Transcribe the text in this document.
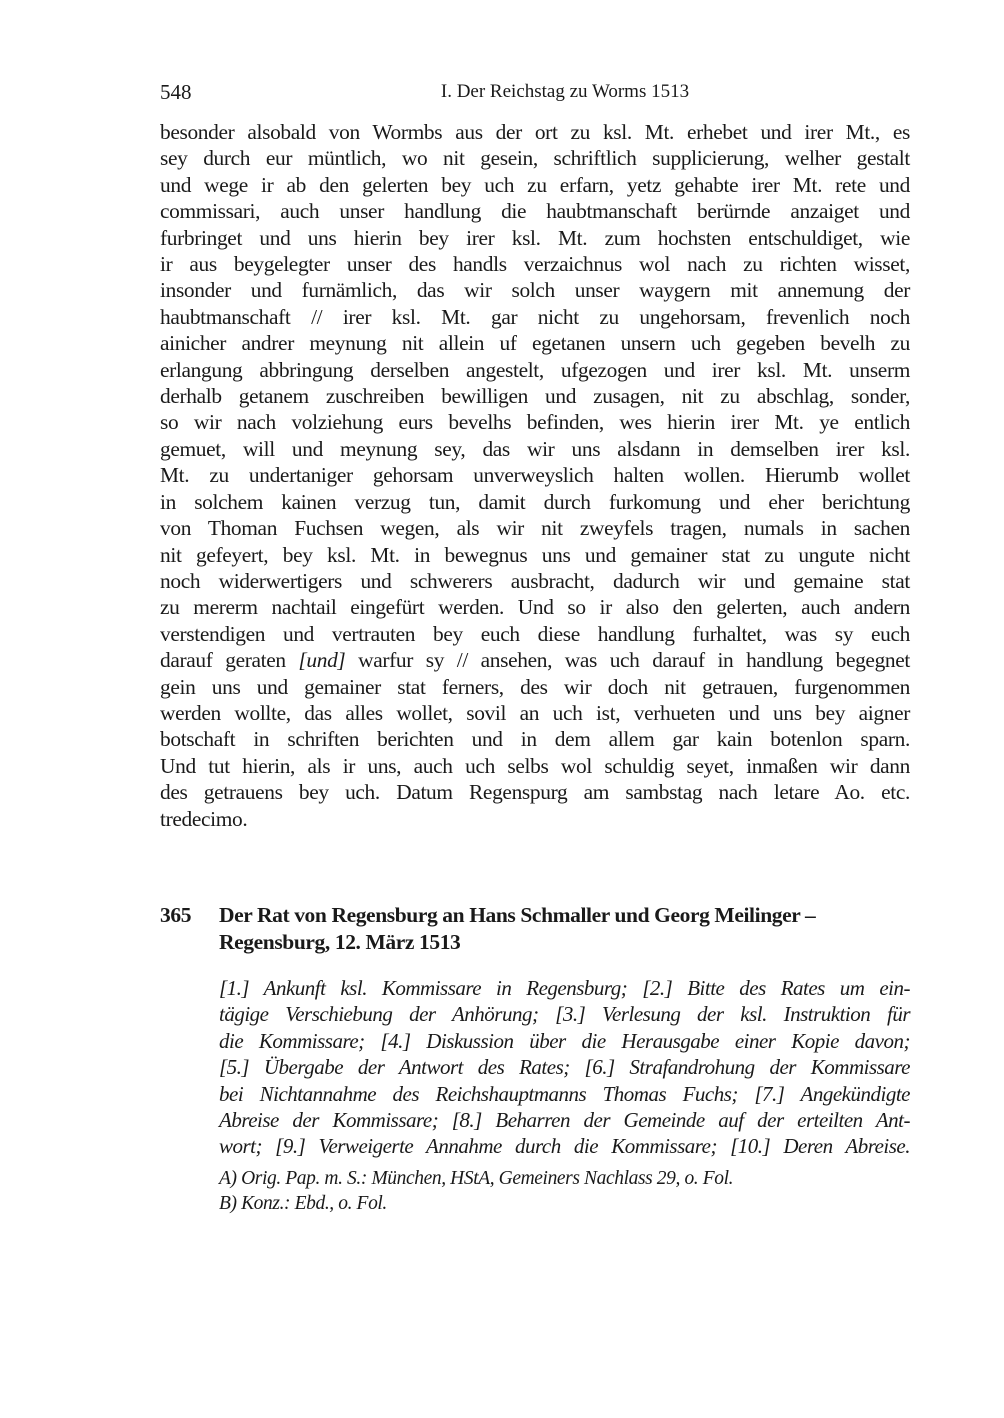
548	I. Der Reichstag zu Worms 1513
besonder alsobald von Wormbs aus der ort zu ksl. Mt. erhebet und irer Mt., es
sey durch eur müntlich, wo nit gesein, schriftlich supplicierung, welher gestalt
und wege ir ab den gelerten bey uch zu erfarn, yetz gehabte irer Mt. rete und
commissari, auch unser handlung die haubtmanschaft berürnde anzaiget und
furbringet und uns hierin bey irer ksl. Mt. zum hochsten entschuldiget, wie
ir aus beygelegter unser des handls verzaichnus wol nach zu richten wisset,
insonder und furnämlich, das wir solch unser waygern mit annemung der
haubtmanschaft // irer ksl. Mt. gar nicht zu ungehorsam, frevenlich noch
ainicher andrer meynung nit allein uf egetanen unsern uch gegeben bevelh zu
erlangung abbringung derselben angestelt, ufgezogen und irer ksl. Mt. unserm
derhalb getanem zuschreiben bewilligen und zusagen, nit zu abschlag, sonder,
so wir nach volziehung eurs bevelhs befinden, wes hierin irer Mt. ye entlich
gemuet, will und meynung sey, das wir uns alsdann in demselben irer ksl.
Mt. zu undertaniger gehorsam unverweyslich halten wollen. Hierumb wollet
in solchem kainen verzug tun, damit durch furkomung und eher berichtung
von Thoman Fuchsen wegen, als wir nit zweyfels tragen, numals in sachen
nit gefeyert, bey ksl. Mt. in bewegnus uns und gemainer stat zu ungute nicht
noch widerwertigers und schwerers ausbracht, dadurch wir und gemaine stat
zu mererm nachtail eingefürt werden. Und so ir also den gelerten, auch andern
verstendigen und vertrauten bey euch diese handlung furhaltet, was sy euch
darauf geraten [und] warfur sy // ansehen, was uch darauf in handlung begegnet
gein uns und gemainer stat ferners, des wir doch nit getrauen, furgenommen
werden wollte, das alles wollet, sovil an uch ist, verhueten und uns bey aigner
botschaft in schriften berichten und in dem allem gar kain botenlon sparn.
Und tut hierin, als ir uns, auch uch selbs wol schuldig seyet, inmaßen wir dann
des getrauens bey uch. Datum Regenspurg am sambstag nach letare Ao. etc.
tredecimo.
365 Der Rat von Regensburg an Hans Schmaller und Georg Meilinger –
Regensburg, 12. März 1513
[1.] Ankunft ksl. Kommissare in Regensburg; [2.] Bitte des Rates um ein-
tägige Verschiebung der Anhörung; [3.] Verlesung der ksl. Instruktion für
die Kommissare; [4.] Diskussion über die Herausgabe einer Kopie davon;
[5.] Übergabe der Antwort des Rates; [6.] Strafandrohung der Kommissare
bei Nichtannahme des Reichshauptmanns Thomas Fuchs; [7.] Angekündigte
Abreise der Kommissare; [8.] Beharren der Gemeinde auf der erteilten Ant-
wort; [9.] Verweigerte Annahme durch die Kommissare; [10.] Deren Abreise.
A) Orig. Pap. m. S.: München, HStA, Gemeiners Nachlass 29, o. Fol.
B) Konz.: Ebd., o. Fol.
